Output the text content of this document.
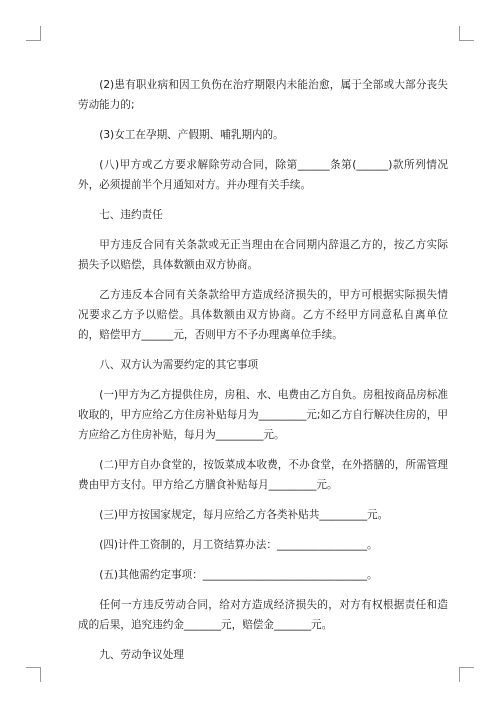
(2)患有职业病和因工负伤在治疗期限内未能治愈，属于全部或大部分丧失劳动能力的;

(3)女工在孕期、产假期、哺乳期内的。

(八)甲方或乙方要求解除劳动合同，除第______条第(______)款所列情况外，必须提前半个月通知对方。并办理有关手续。

七、违约责任

甲方违反合同有关条款或无正当理由在合同期内辞退乙方的，按乙方实际损失予以赔偿，具体数额由双方协商。

乙方违反本合同有关条款给甲方造成经济损失的，甲方可根据实际损失情况要求乙方予以赔偿。具体数额由双方协商。乙方不经甲方同意私自离单位的，赔偿甲方______元，否则甲方不予办理离单位手续。

八、双方认为需要约定的其它事项

(一)甲方为乙方提供住房，房租、水、电费由乙方自负。房租按商品房标准收取的，甲方应给乙方住房补贴每月为_________元;如乙方自行解决住房的，甲方应给乙方住房补贴，每月为_________元。

(二)甲方自办食堂的，按饭菜成本收费，不办食堂，在外搭膳的，所需管理费由甲方支付。甲方给乙方膳食补贴每月_________元。

(三)甲方按国家规定，每月应给乙方各类补贴共_________元。

(四)计件工资制的，月工资结算办法：_________________。

(五)其他需约定事项：_______________________________。

任何一方违反劳动合同，给对方造成经济损失的，对方有权根据责任和造成的后果，追究违约金_______元，赔偿金_______元。

九、劳动争议处理
